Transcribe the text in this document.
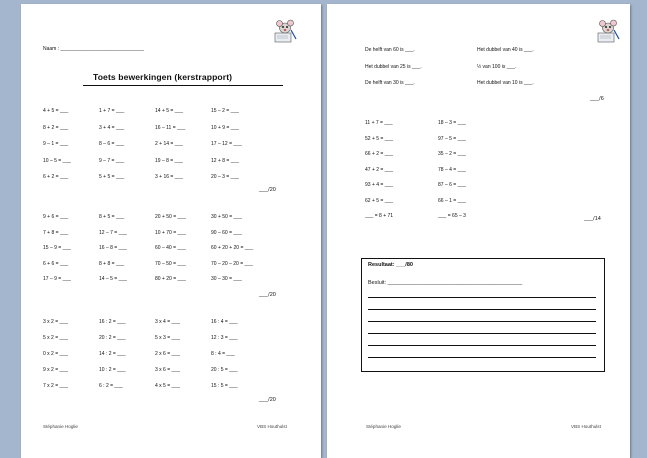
Naam : ______________________________
Toets bewerkingen (kerstrapport)
4 + 5 = ___	1 + 7 = ___	14 + 5 = ___	15 – 2 = ___
8 + 2 = ___	3 + 4 = ___	16 – 11 = ___	10 + 9 = ___
9 – 1 = ___	8 – 6 = ___	2 + 14 = ___	17 – 12 = ___
10 – 5 = ___	9 – 7 = ___	19 – 8 = ___	12 + 8 = ___
6 + 2 = ___	5 + 5 = ___	3 + 16 = ___	20 – 3 = ___
___/20
9 + 6 = ___	8 + 5 = ___	20 + 50 = ___	30 + 50 = ___
7 + 8 = ___	12 – 7 = ___	10 + 70 = ___	90 – 60 = ___
15 – 9 = ___	16 – 8 = ___	60 – 40 = ___	60 + 20 + 20 = ___
6 + 6 = ___	8 + 8 = ___	70 – 50 = ___	70 – 20 – 20 = ___
17 – 9 = ___	14 – 5 = ___	80 + 20 = ___	30 – 30 = ___
___/20
3 x 2 = ___	16 : 2 = ___	3 x 4 = ___	16 : 4 = ___
5 x 2 = ___	20 : 2 = ___	5 x 3 = ___	12 : 3 = ___
0 x 2 = ___	14 : 2 = ___	2 x 6 = ___	8 : 4 = ___
9 x 2 = ___	10 : 2 = ___	3 x 6 = ___	20 : 5 = ___
7 x 2 = ___	6 : 2 = ___	4 x 5 = ___	15 : 5 = ___
___/20
Stéphanie Hoglie	VBS Houthulst
De helft van 60 is ___.	Het dubbel van 40 is ___.
Het dubbel van 25 is ___.	½ van 100 is ___.
De helft van 30 is ___.	Het dubbel van 10 is ___.
___/6
11 + 7 = ___	18 – 3 = ___
52 + 5 = ___	97 – 5 = ___
66 + 2 = ___	35 – 2 = ___
47 + 2 = ___	78 – 4 = ___
93 + 4 = ___	87 – 6 = ___
62 + 5 = ___	66 – 1 = ___
___ = 8 + 71	___ = 65 – 3	___/14
Resultaat: ___/80
Besluit: ____________________________________________
Stéphanie Hoglie	VBS Houthulst
